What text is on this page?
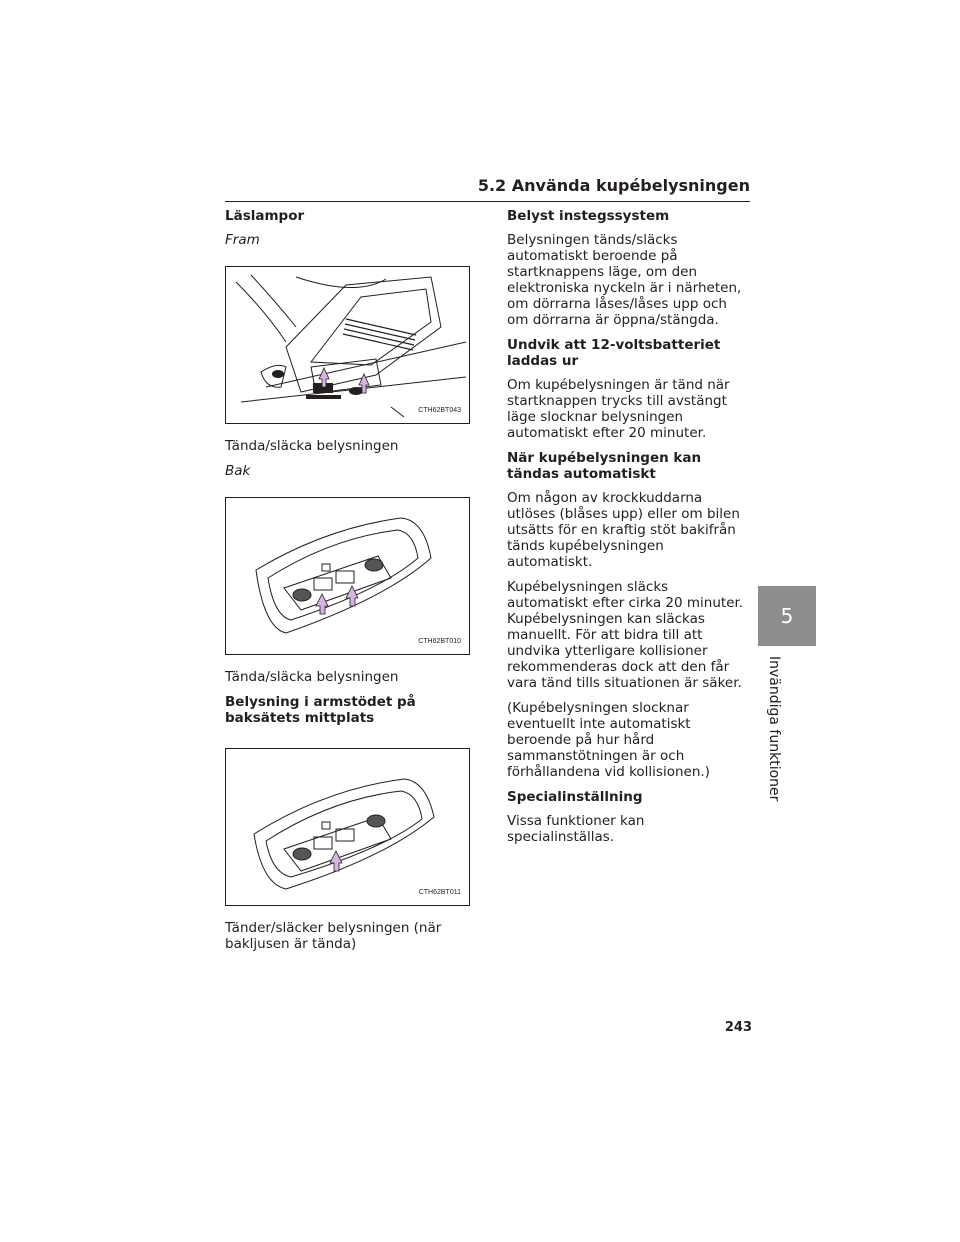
5.2 Använda kupébelysningen
Läslampor
Fram
CTH62BT043

Tända/släcka belysningen

Bak
CTH62BT010

Tända/släcka belysningen

Belysning i armstödet på baksätets mittplats
CTH62BT011

Tänder/släcker belysningen (när bakljusen är tända)

Belyst instegssystem

Belysningen tänds/släcks automatiskt beroende på startknappens läge, om den elektroniska nyckeln är i närheten, om dörrarna låses/låses upp och om dörrarna är öppna/stängda.

Undvik att 12-voltsbatteriet laddas ur

Om kupébelysningen är tänd när startknappen trycks till avstängt läge slocknar belysningen automatiskt efter 20 minuter.

När kupébelysningen kan tändas automatiskt

Om någon av krockkuddarna utlöses (blåses upp) eller om bilen utsätts för en kraftig stöt bakifrån tänds kupébelysningen automatiskt.

Kupébelysningen släcks automatiskt efter cirka 20 minuter. Kupébelysningen kan släckas manuellt. För att bidra till att undvika ytterligare kollisioner rekommenderas dock att den får vara tänd tills situationen är säker.

(Kupébelysningen slocknar eventuellt inte automatiskt beroende på hur hård sammanstötningen är och förhållandena vid kollisionen.)

Specialinställning

Vissa funktioner kan specialinställas.

5
Invändiga funktioner
243
